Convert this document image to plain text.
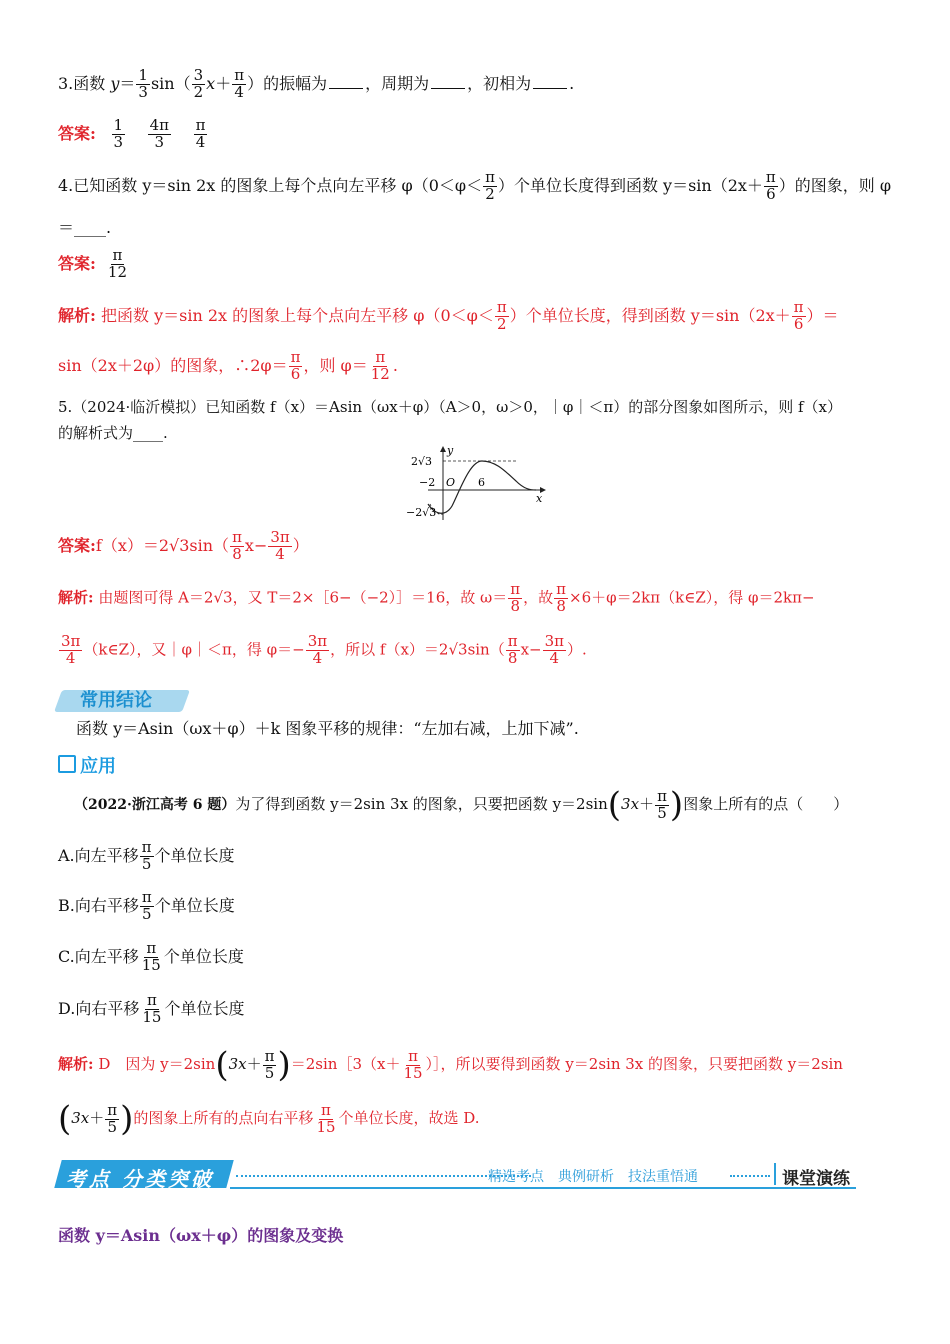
3.函数 $y= \frac{1}{3} \sin( \frac{3}{2} x+ \frac{\pi}{4}$ ）的振幅为 ，周期为 ，初相为 .
答案: $\frac{1}{3}$
$\frac{4\pi}{3}$
$\frac{\pi}{4}$
4.已知函数 y＝sin 2x 的图象上每个点向左平移 $\varphi(0<\varphi< \frac{\pi}{2}$ ）个单位长度得到函数 $y=\sin(2x+ \frac{\pi}{6}$ ）的图象，则 φ
＝____.
答案: $\frac{\pi}{12}$
解析: 把函数 y＝sin 2x 的图象上每个点向左平移 $\varphi(0<\varphi< \frac{\pi}{2}$ ）个单位长度，得到函数 $y=\sin(2x+ \frac{\pi}{6}$ ）＝
sin（2x＋2φ）的图象，∴2φ＝ $\frac{\pi}{6}$ ，则 $\varphi= \frac{\pi}{12}$ .
5.（2024·临沂模拟）已知函数 f（x）＝Asin（ωx＋φ）（A＞0，ω＞0，｜φ｜＜π）的部分图象如图所示，则 f（x）
的解析式为____.
2√3
−2 O 6
−2√3
x
y
答案:f（x）＝2√3sin（ $\frac{\pi}{8} x- \frac{3\pi}{4}$ ）
解析: 由题图可得 A＝2√3，又 T＝2×［6−（−2）］＝16，故 $\omega= \frac{\pi}{8}$ ，故 $\frac{\pi}{8}$ ×6＋φ＝2kπ（k∈Z），得 φ＝2kπ−
$\frac{3\pi}{4}$ （k∈Z），又｜φ｜＜π，得 $\varphi=- \frac{3\pi}{4}$ ，所以 $f(x)=2√3\sin( \frac{\pi}{8} x- \frac{3\pi}{4}$ ）.
常用结论
函数 y＝Asin（ωx＋φ）＋k 图象平移的规律：“左加右减，上加下减”.
应用
（2022·浙江高考 6 题）为了得到函数 y＝2sin 3x 的图象，只要把函数 $y=2\sin(3x+ \frac{\pi}{5}$ )图象上所有的点（　　）
A.向左平移 $\frac{\pi}{5}$ 个单位长度
B.向右平移 $\frac{\pi}{5}$ 个单位长度
C.向左平移 $\frac{\pi}{15}$ 个单位长度
D.向右平移 $\frac{\pi}{15}$ 个单位长度
解析: D　 因为 $y=2\sin(3x+ \frac{\pi}{5}$ )＝2sin［3（x＋ $\frac{\pi}{15}$ ）］，所以要得到函数 y＝2sin 3x 的图象，只要把函数 y＝2sin
($3x+ \frac{\pi}{5}$ )的图象上所有的点向右平移 $\frac{\pi}{15}$ 个单位长度，故选 D.
考点 分类突破	精选考点　 典例研析　 技法重悟通	课堂演练
函数 y＝Asin（ωx＋φ）的图象及变换
